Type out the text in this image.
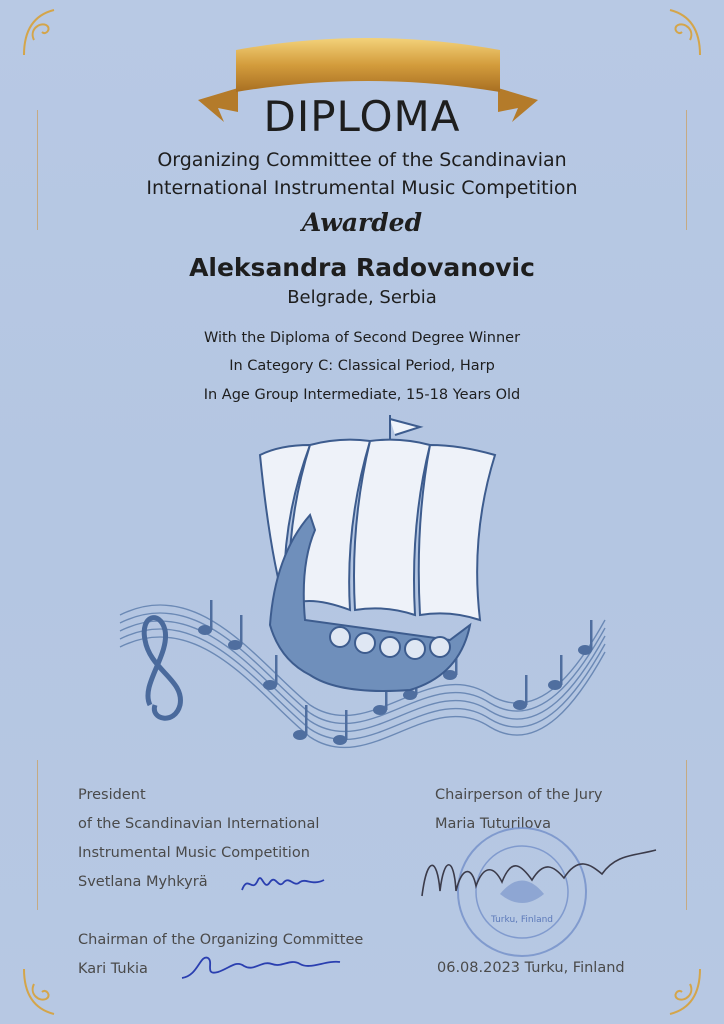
DIPLOMA
Organizing Committee of the Scandinavian
International Instrumental Music Competition
Awarded
Aleksandra Radovanovic
Belgrade, Serbia
With the Diploma of Second Degree Winner
In Category C: Classical Period, Harp
In Age Group Intermediate, 15-18 Years Old
President
of the Scandinavian International
Instrumental Music Competition
Svetlana Myhkyrä
Chairperson of the Jury
Maria Tuturilova
Chairman of the Organizing Committee
Kari Tukia	06.08.2023 Turku, Finland
Turku, Finland
